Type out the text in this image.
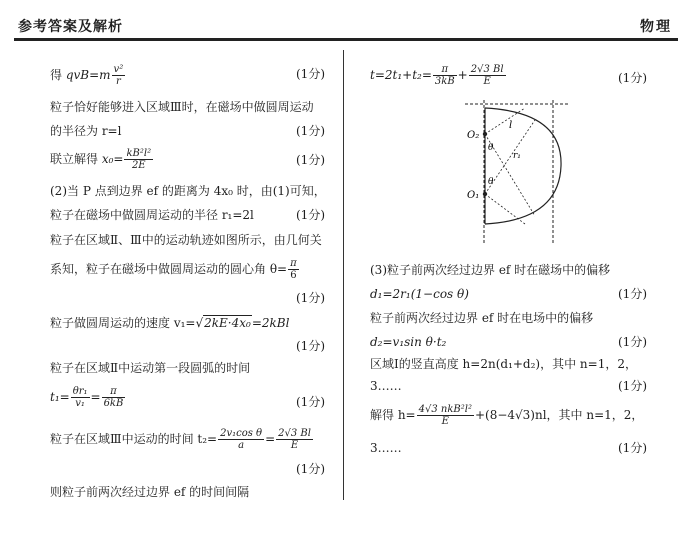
参考答案及解析	物理
得 $qvB=m \frac{\text{v²}}{r}$	(1分)
粒子恰好能够进入区域Ⅲ时，在磁场中做圆周运动
的半径为 r=l	(1分)
联立解得 $x_0= \frac{\text{kB²l²}}{2E}$	(1分)
(2)当 P 点到边界 ef 的距离为 4x₀ 时，由(1)可知，
粒子在磁场中做圆周运动的半径 r₁=2l	(1分)
粒子在区域Ⅱ、Ⅲ中的运动轨迹如图所示，由几何关
系知，粒子在磁场中做圆周运动的圆心角 $\theta= \frac{\pi}{6}$
(1分)
粒子做圆周运动的速度 v₁=√2kE·4x₀=2kBl
(1分)
粒子在区域Ⅱ中运动第一段圆弧的时间
$t_1= \frac{\text{θr₁}}{\text{v₁}} = \frac{\pi}{6kB}$	(1分)
粒子在区域Ⅲ中运动的时间 $t_2= \frac{\text{2v₁cos θ}}{a} = \frac{2√3 Bl}{E}$
(1分)
则粒子前两次经过边界 ef 的时间间隔
$t=2t_1+t_2= \frac{\pi}{3kB} + \frac{2√3 Bl}{E}$	(1分)
O₂
O₁
l
r₁
θ
θ
(3)粒子前两次经过边界 ef 时在磁场中的偏移
d₁=2r₁(1−cos θ)	(1分)
粒子前两次经过边界 ef 时在电场中的偏移
d₂=v₁sin θ·t₂	(1分)
区域Ⅰ的竖直高度 h=2n(d₁+d₂)，其中 n=1，2，
3……	(1分)
解得 $h= \frac{\text{4√3 nkB²l²}}{E} +(8-4√3)nl$，其中 n=1，2，
3……	(1分)
